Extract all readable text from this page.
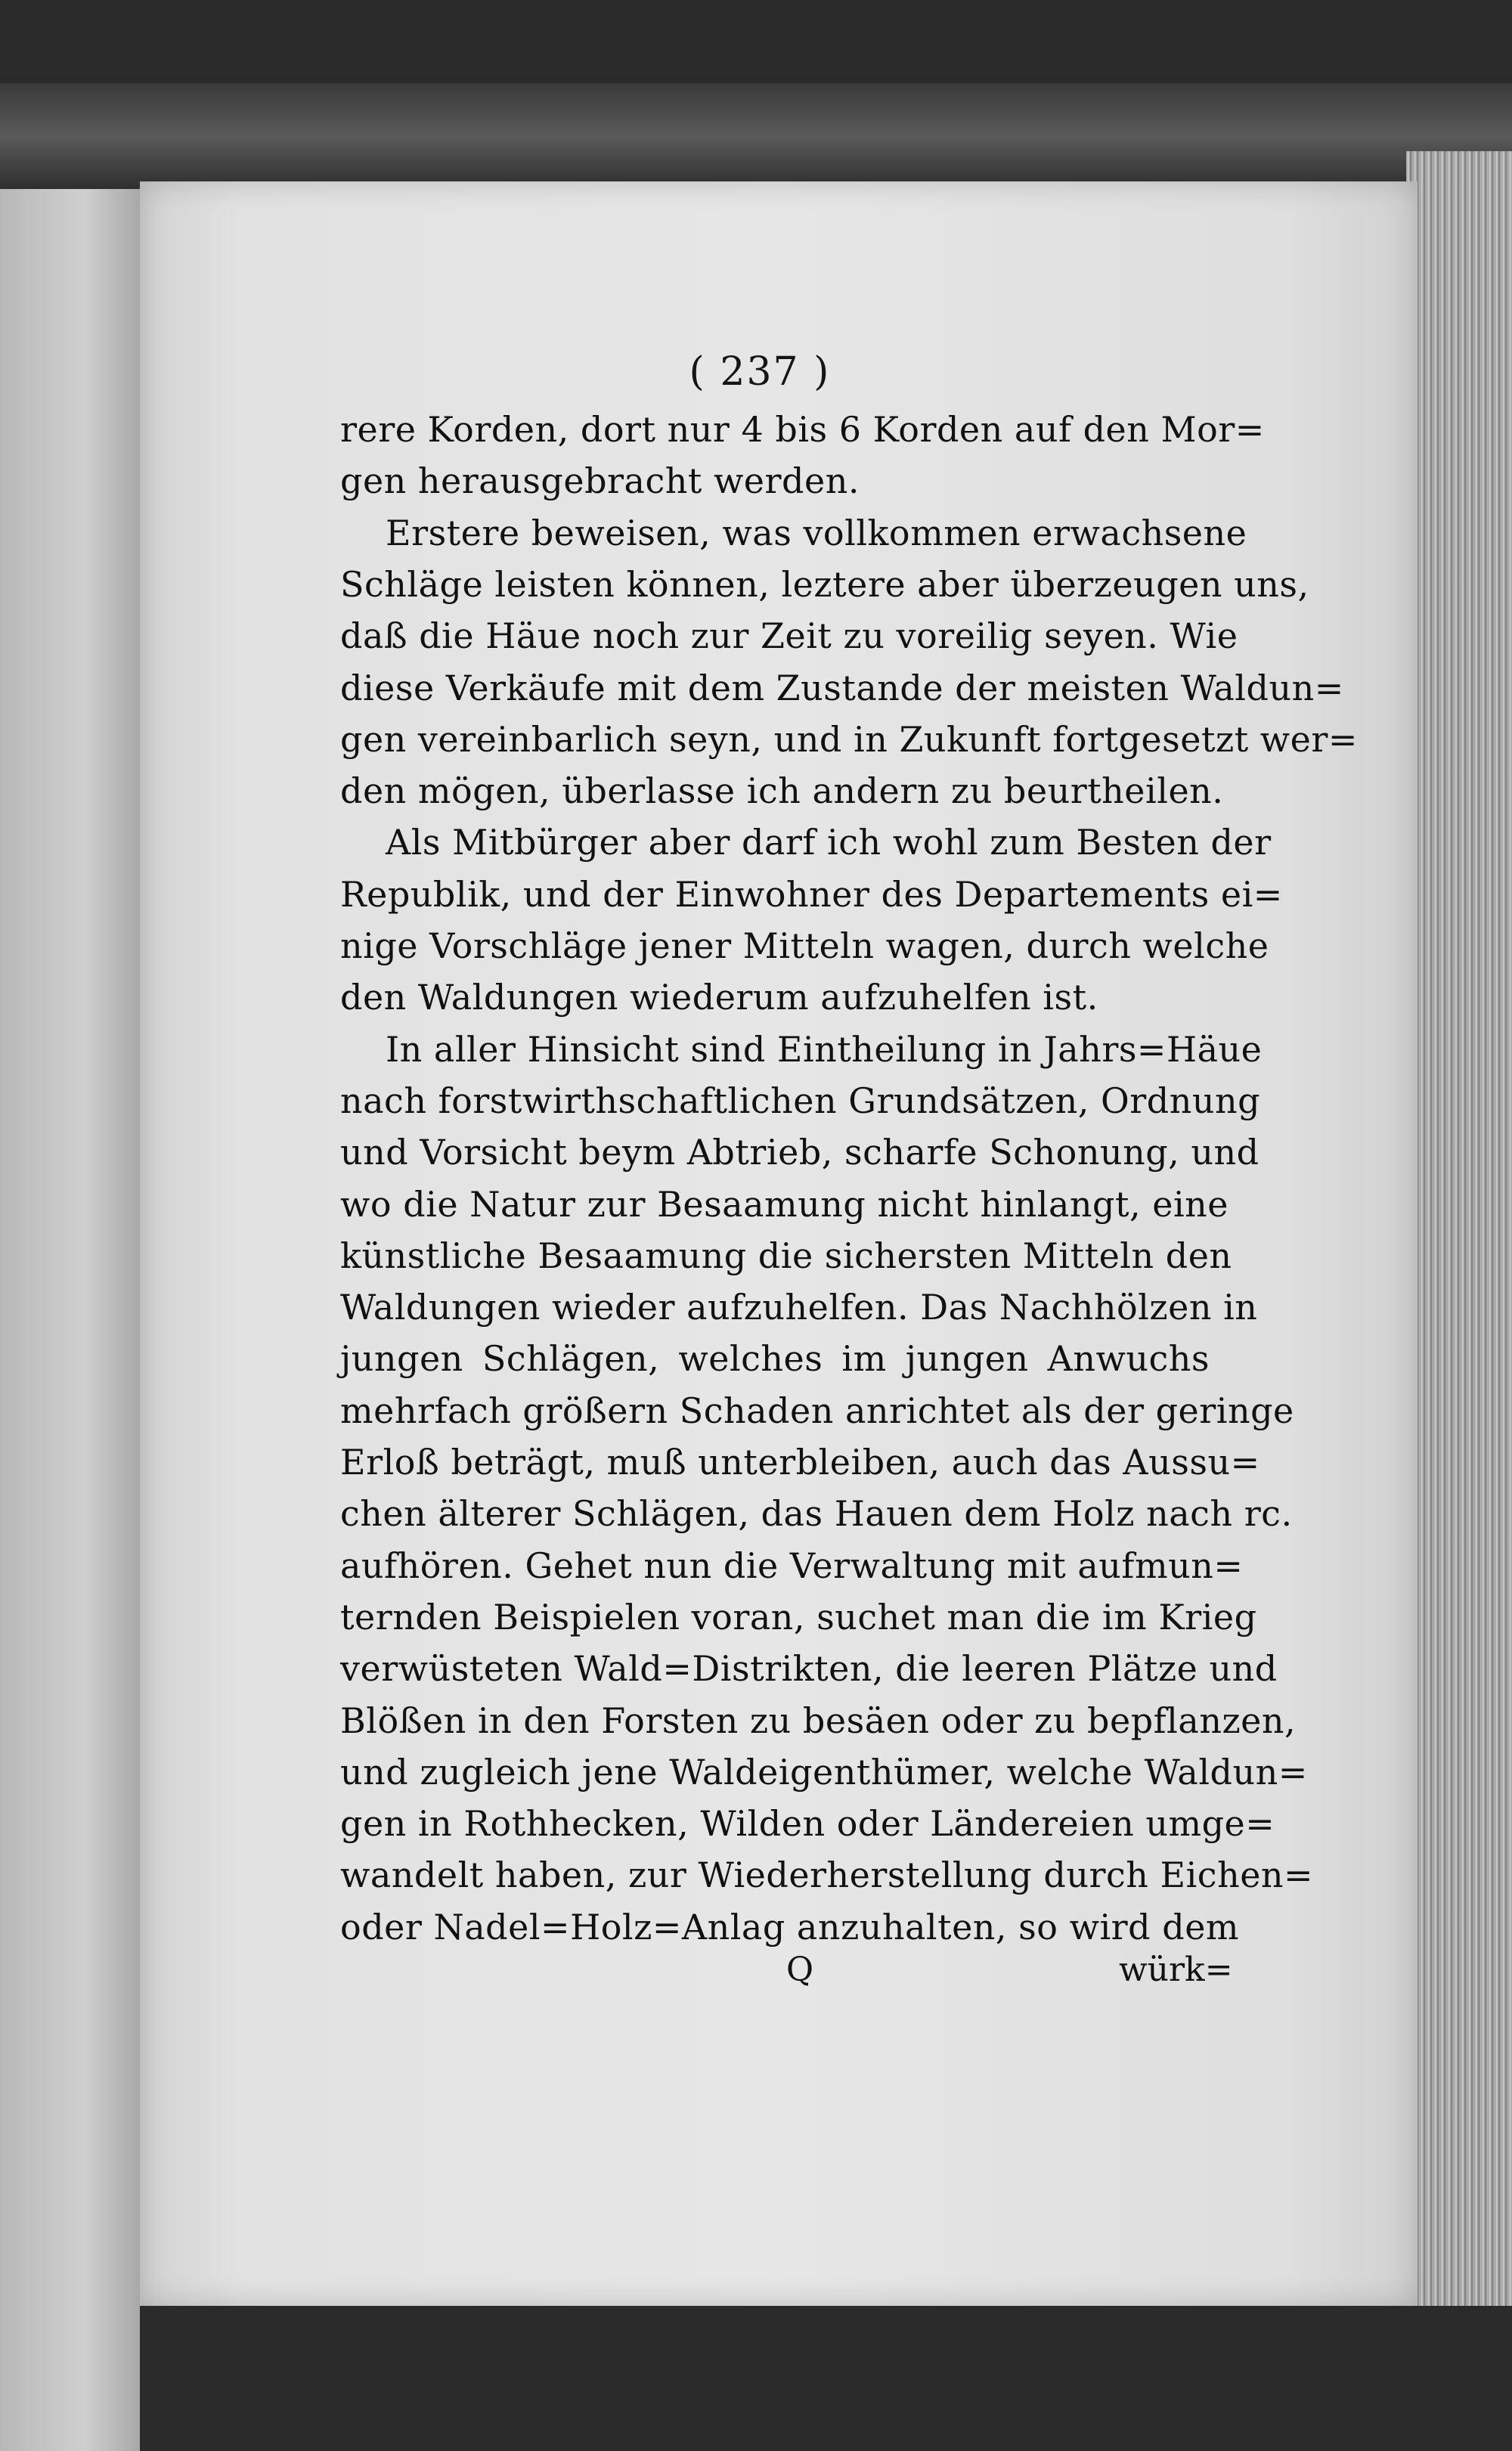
( 237 )
rere Korden, dort nur 4 bis 6 Korden auf den Mor=
gen herausgebracht werden.
Erstere beweisen, was vollkommen erwachsene
Schläge leisten können, leztere aber überzeugen uns,
daß die Häue noch zur Zeit zu voreilig seyen. Wie
diese Verkäufe mit dem Zustande der meisten Waldun=
gen vereinbarlich seyn, und in Zukunft fortgesetzt wer=
den mögen, überlasse ich andern zu beurtheilen.
Als Mitbürger aber darf ich wohl zum Besten der
Republik, und der Einwohner des Departements ei=
nige Vorschläge jener Mitteln wagen, durch welche
den Waldungen wiederum aufzuhelfen ist.
In aller Hinsicht sind Eintheilung in Jahrs=Häue
nach forstwirthschaftlichen Grundsätzen, Ordnung
und Vorsicht beym Abtrieb, scharfe Schonung, und
wo die Natur zur Besaamung nicht hinlangt, eine
künstliche Besaamung die sichersten Mitteln den
Waldungen wieder aufzuhelfen. Das Nachhölzen in
jungen Schlägen, welches im jungen Anwuchs
mehrfach größern Schaden anrichtet als der geringe
Erloß beträgt, muß unterbleiben, auch das Aussu=
chen älterer Schlägen, das Hauen dem Holz nach rc.
aufhören. Gehet nun die Verwaltung mit aufmun=
ternden Beispielen voran, suchet man die im Krieg
verwüsteten Wald=Distrikten, die leeren Plätze und
Blößen in den Forsten zu besäen oder zu bepflanzen,
und zugleich jene Waldeigenthümer, welche Waldun=
gen in Rothhecken, Wilden oder Ländereien umge=
wandelt haben, zur Wiederherstellung durch Eichen=
oder Nadel=Holz=Anlag anzuhalten, so wird dem
Q	würk=
